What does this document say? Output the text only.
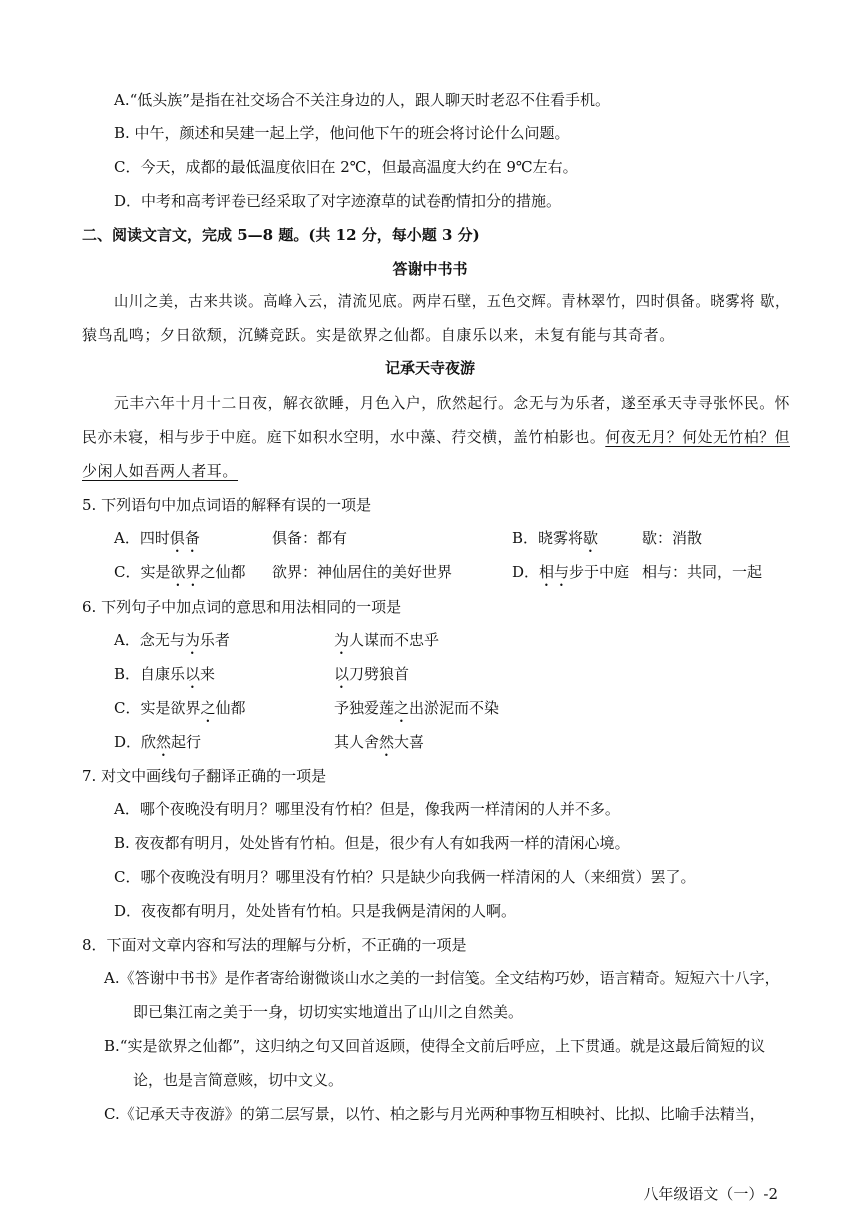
A.“低头族”是指在社交场合不关注身边的人，跟人聊天时老忍不住看手机。
B. 中午，颜述和吴建一起上学，他问他下午的班会将讨论什么问题。
C．今天，成都的最低温度依旧在 2℃，但最高温度大约在 9℃左右。
D．中考和高考评卷已经采取了对字迹潦草的试卷酌情扣分的措施。
二、阅读文言文，完成 5—8 题。(共 12 分，每小题 3 分)
答谢中书书
山川之美，古来共谈。高峰入云，清流见底。两岸石壁，五色交辉。青林翠竹，四时俱备。晓雾将 歇，
猿鸟乱鸣；夕日欲颓，沉鳞竞跃。实是欲界之仙都。自康乐以来，未复有能与其奇者。
记承天寺夜游
元丰六年十月十二日夜，解衣欲睡，月色入户，欣然起行。念无与为乐者，遂至承天寺寻张怀民。怀
民亦未寝，相与步于中庭。庭下如积水空明，水中藻、荇交横，盖竹柏影也。何夜无月？何处无竹柏？但
少闲人如吾两人者耳。
5. 下列语句中加点词语的解释有误的一项是
A．四时俱备	俱备：都有	B．晓雾将歇	歇：消散
C．实是欲界之仙都 欲界：神仙居住的美好世界	D．相与步于中庭 相与：共同，一起
6. 下列句子中加点词的意思和用法相同的一项是
A．念无与为乐者	为人谋而不忠乎
B．自康乐以来	以刀劈狼首
C．实是欲界之仙都	予独爱莲之出淤泥而不染
D．欣然起行	其人舍然大喜
7. 对文中画线句子翻译正确的一项是
A．哪个夜晚没有明月？哪里没有竹柏？但是，像我两一样清闲的人并不多。
B. 夜夜都有明月，处处皆有竹柏。但是，很少有人有如我两一样的清闲心境。
C．哪个夜晚没有明月？哪里没有竹柏？只是缺少向我俩一样清闲的人（来细赏）罢了。
D．夜夜都有明月，处处皆有竹柏。只是我俩是清闲的人啊。
8．下面对文章内容和写法的理解与分析，不正确的一项是
A.《答谢中书书》是作者寄给谢微谈山水之美的一封信笺。全文结构巧妙，语言精奇。短短六十八字，
即已集江南之美于一身，切切实实地道出了山川之自然美。
B.“实是欲界之仙都”，这归纳之句又回首返顾，使得全文前后呼应，上下贯通。就是这最后简短的议
论，也是言简意赅，切中文义。
C.《记承天寺夜游》的第二层写景，以竹、柏之影与月光两种事物互相映衬、比拟、比喻手法精当，
八年级语文（一）-2
